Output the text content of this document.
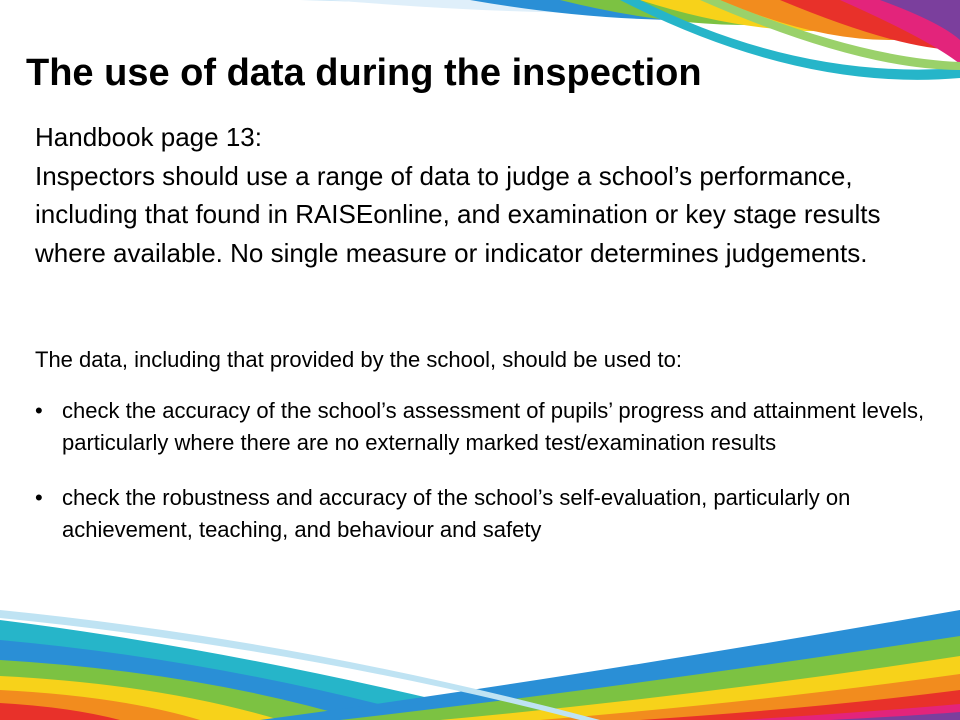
The use of data during the inspection

Handbook page 13:

Inspectors should use a range of data to judge a school’s performance, including that found in RAISEonline, and examination or key stage results where available. No single measure or indicator determines judgements.

The data, including that provided by the school, should be used to:

• check the accuracy of the school’s assessment of pupils’ progress and attainment levels, particularly where there are no externally marked test/examination results
• check the robustness and accuracy of the school’s self-evaluation, particularly on achievement, teaching, and behaviour and safety
